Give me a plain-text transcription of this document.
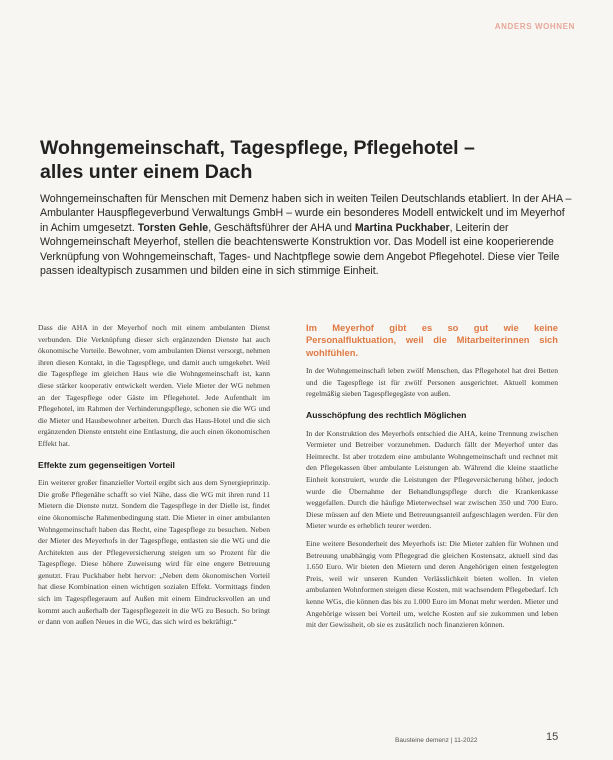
ANDERS WOHNEN
Wohngemeinschaft, Tagespflege, Pflegehotel –
alles unter einem Dach

Wohngemeinschaften für Menschen mit Demenz haben sich in weiten Teilen Deutschlands etabliert. In der AHA – Ambulanter Hauspflegeverbund Verwaltungs GmbH – wurde ein besonderes Modell entwickelt und im Meyerhof in Achim umgesetzt. Torsten Gehle, Geschäftsführer der AHA und Martina Puckhaber, Leiterin der Wohngemeinschaft Meyerhof, stellen die beachtenswerte Konstruktion vor. Das Modell ist eine kooperierende Verknüpfung von Wohngemeinschaft, Tages- und Nachtpflege sowie dem Angebot Pflegehotel. Diese vier Teile passen idealtypisch zusammen und bilden eine in sich stimmige Einheit.

Dass die AHA in der Meyerhof noch mit einem ambulanten Dienst verbunden. Die Verknüpfung dieser sich ergänzenden Dienste hat auch ökonomische Vorteile. Bewohner, vom ambulanten Dienst versorgt, nehmen ihren diesen Kontakt, in die Tagespflege, und damit auch umgekehrt. Weil die Tagespflege im gleichen Haus wie die Wohngemeinschaft ist, kann diese stärker kooperativ entwickelt werden. Viele Mieter der WG nehmen an der Tagespflege oder Gäste im Pflegehotel. Jede Aufenthalt im Pflegehotel, im Rahmen der Verhinderungspflege, schonen sie die WG und die Mieter und Hausbewohner arbeiten. Durch das Haus-Hotel und die sich ergänzenden Dienste entsteht eine Entlastung, die auch einen ökonomischen Effekt hat.

Effekte zum gegenseitigen Vorteil

Ein weiterer großer finanzieller Vorteil ergibt sich aus dem Synergieprinzip. Die große Pflegenähe schafft so viel Nähe, dass die WG mit ihren rund 11 Mietern die Dienste nutzt. Sondern die Tagespflege in der Dielle ist, findet eine ökonomische Rahmenbedingung statt. Die Mieter in einer ambulanten Wohngemeinschaft haben das Recht, eine Tagespflege zu besuchen. Neben der Mieter des Meyerhofs in der Tagespflege, entlasten sie die WG und die Architekten aus der Pflegeversicherung steigen um so Prozent für die Tagespflege. Diese höhere Zuweisung wird für eine engere Betreuung genutzt. Frau Puckhaber hebt hervor: „Neben dem ökonomischen Vorteil hat diese Kombination einen wichtigen sozialen Effekt. Vormittags finden sich im Tagespflegeraum auf Außen mit einem Eindrucksvollen an und kommt auch außerhalb der Tagespflegezeit in die WG zu Besuch. So bringt er dann von außen Neues in die WG, das sich wird es bekräftigt.“

Im Meyerhof gibt es so gut wie keine Personalfluktuation, weil die Mitarbeiterinnen sich wohlfühlen.

In der Wohngemeinschaft leben zwölf Menschen, das Pflegehotel hat drei Betten und die Tagespflege ist für zwölf Personen ausgerichtet. Aktuell kommen regelmäßig sieben Tagespflegegäste von außen.

Ausschöpfung des rechtlich Möglichen

In der Konstruktion des Meyerhofs entschied die AHA, keine Trennung zwischen Vermieter und Betreiber vorzunehmen. Dadurch fällt der Meyerhof unter das Heimrecht. Ist aber trotzdem eine ambulante Wohngemeinschaft und rechnet mit den Pflegekassen über ambulante Leistungen ab. Während die kleine staatliche Einheit konstruiert, wurde die Leistungen der Pflegeversicherung höher, jedoch wurde die Übernahme der Behandlungspflege durch die Krankenkasse weggefallen. Durch die häufige Mieterwechsel war zwischen 350 und 700 Euro. Diese müssen auf den Miete und Betreuungsanteil aufgeschlagen werden. Für den Mieter wurde es erheblich teurer werden.

Eine weitere Besonderheit des Meyerhofs ist: Die Mieter zahlen für Wohnen und Betreuung unabhängig vom Pflegegrad die gleichen Kostensatz, aktuell sind das 1.650 Euro. Wir bieten den Mietern und deren Angehörigen einen festgelegten Preis, weil wir unseren Kunden Verlässlichkeit bieten wollen. In vielen ambulanten Wohnformen steigen diese Kosten, mit wachsendem Pflegebedarf. Ich kenne WGs, die können das bis zu 1.000 Euro im Monat mehr werden. Mieter und Angehörige wissen bei Vorteil um, welche Kosten auf sie zukommen und leben mit der Gewissheit, ob sie es zusätzlich noch finanzieren können.

Bausteine demenz | 11-2022	15
